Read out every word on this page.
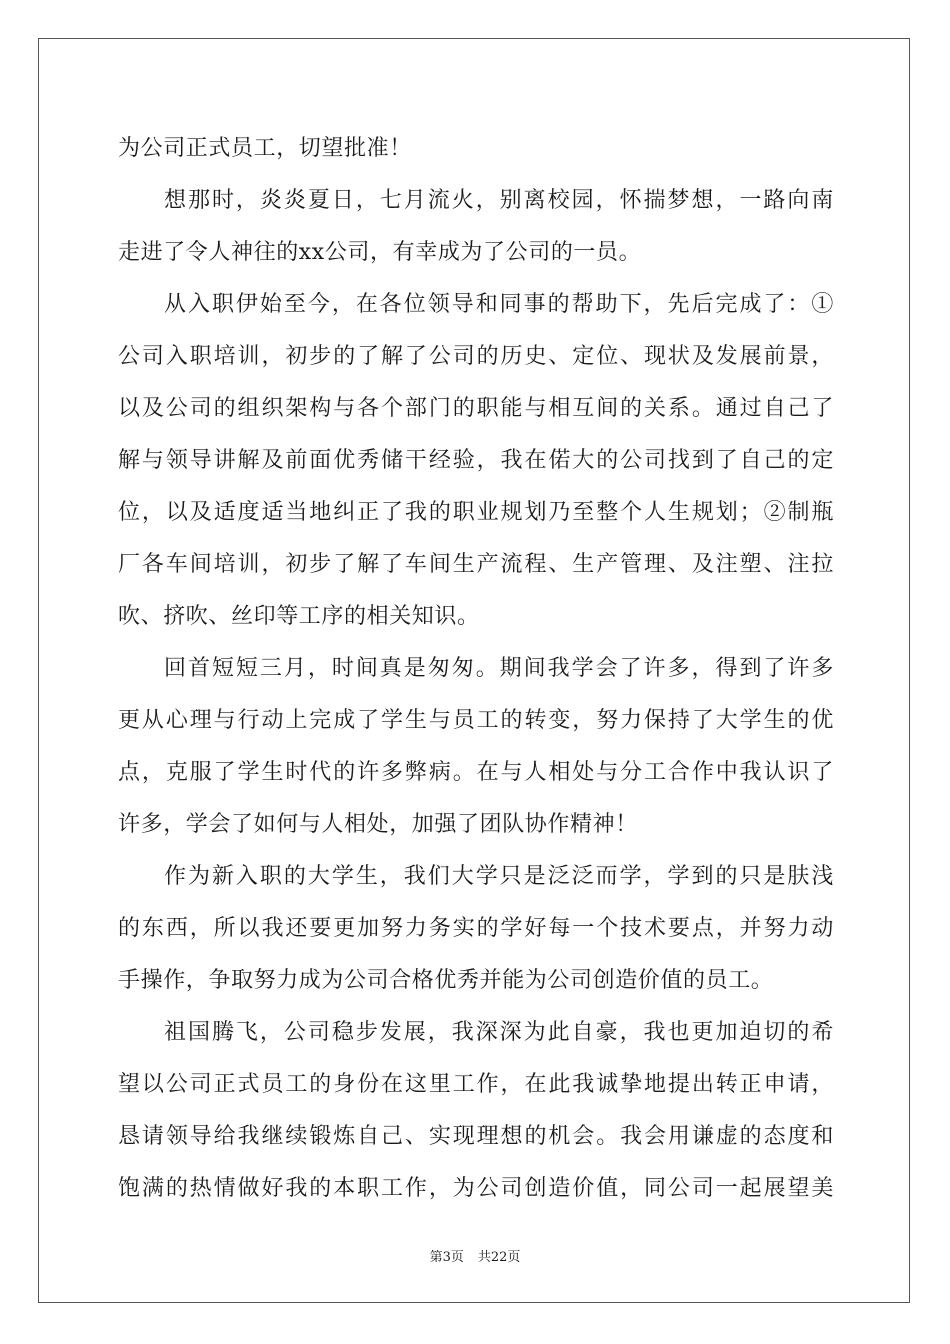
为公司正式员工，切望批准！
想那时，炎炎夏日，七月流火，别离校园，怀揣梦想，一路向南
走进了令人神往的xx公司，有幸成为了公司的一员。
从入职伊始至今，在各位领导和同事的帮助下，先后完成了：①
公司入职培训，初步的了解了公司的历史、定位、现状及发展前景，
以及公司的组织架构与各个部门的职能与相互间的关系。通过自己了
解与领导讲解及前面优秀储干经验，我在偌大的公司找到了自己的定
位，以及适度适当地纠正了我的职业规划乃至整个人生规划；②制瓶
厂各车间培训，初步了解了车间生产流程、生产管理、及注塑、注拉
吹、挤吹、丝印等工序的相关知识。
回首短短三月，时间真是匆匆。期间我学会了许多，得到了许多
更从心理与行动上完成了学生与员工的转变，努力保持了大学生的优
点，克服了学生时代的许多弊病。在与人相处与分工合作中我认识了
许多，学会了如何与人相处，加强了团队协作精神！
作为新入职的大学生，我们大学只是泛泛而学，学到的只是肤浅
的东西，所以我还要更加努力务实的学好每一个技术要点，并努力动
手操作，争取努力成为公司合格优秀并能为公司创造价值的员工。
祖国腾飞，公司稳步发展，我深深为此自豪，我也更加迫切的希
望以公司正式员工的身份在这里工作，在此我诚挚地提出转正申请，
恳请领导给我继续锻炼自己、实现理想的机会。我会用谦虚的态度和
饱满的热情做好我的本职工作，为公司创造价值，同公司一起展望美
第3页 共22页
